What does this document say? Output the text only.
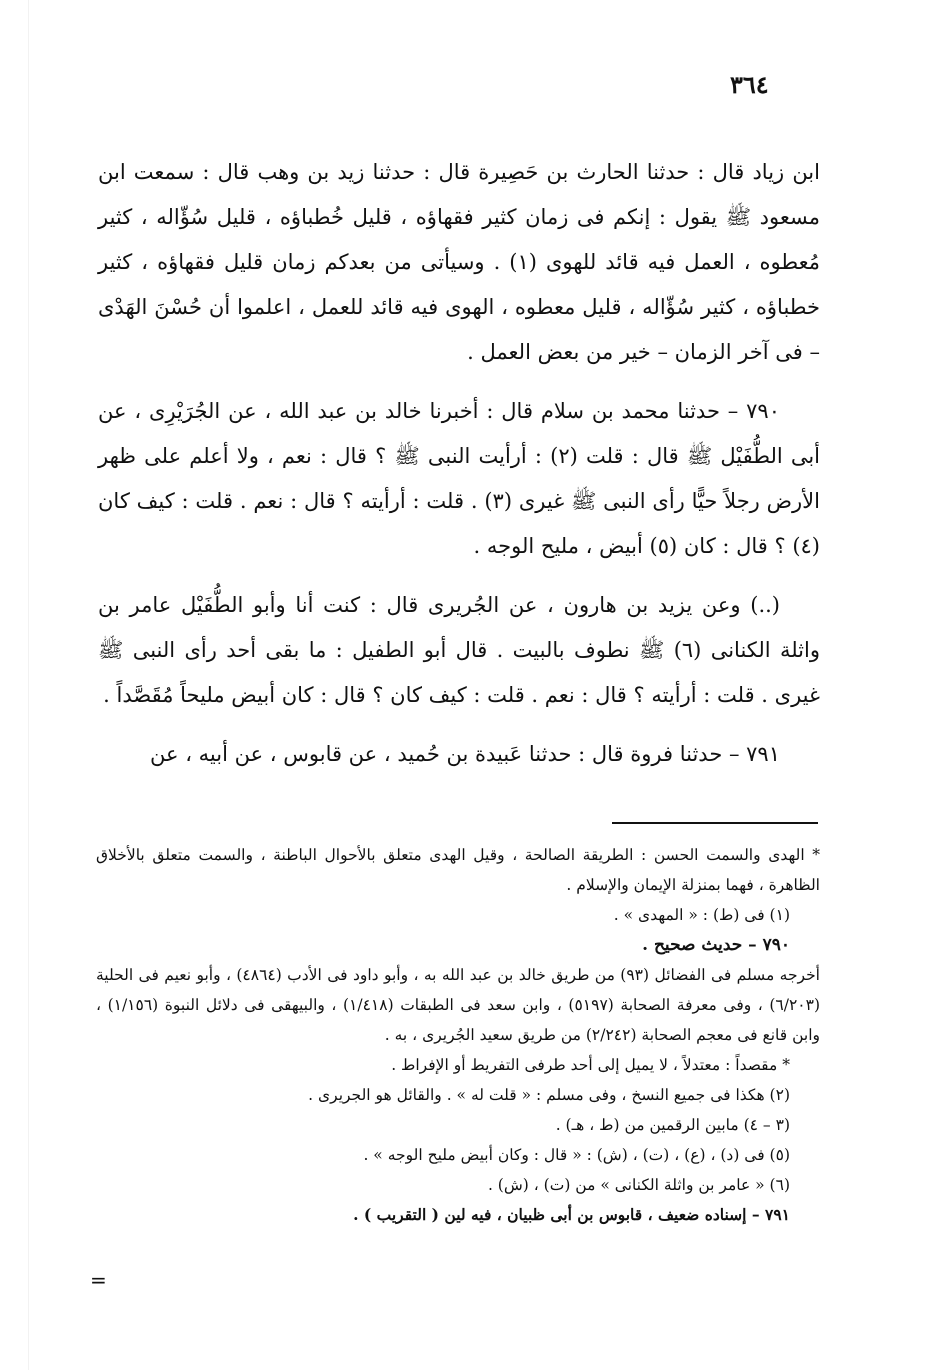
٣٦٤

ابن زياد قال : حدثنا الحارث بن حَصِيرة قال : حدثنا زيد بن وهب قال : سمعت ابن مسعود ﷺ يقول : إنكم فى زمان كثير فقهاؤه ، قليل خُطباؤه ، قليل سُؤّاله ، كثير مُعطوه ، العمل فيه قائد للهوى (١) . وسيأتى من بعدكم زمان قليل فقهاؤه ، كثير خطباؤه ، كثير سُؤّاله ، قليل معطوه ، الهوى فيه قائد للعمل ، اعلموا أن حُسْنَ الهَدْى – فى آخر الزمان – خير من بعض العمل .

٧٩٠ – حدثنا محمد بن سلام قال : أخبرنا خالد بن عبد الله ، عن الجُرَيْرِى ، عن أبى الطُّفَيْل ﷺ قال : قلت (٢) : أرأيت النبى ﷺ ؟ قال : نعم ، ولا أعلم على ظهر الأرض رجلاً حيًّا رأى النبى ﷺ غيرى (٣) . قلت : أرأيته ؟ قال : نعم . قلت : كيف كان (٤) ؟ قال : كان (٥) أبيض ، مليح الوجه .

(..) وعن يزيد بن هارون ، عن الجُريرى قال : كنت أنا وأبو الطُّفَيْل عامر بن واثلة الكنانى (٦) ﷺ نطوف بالبيت . قال أبو الطفيل : ما بقى أحد رأى النبى ﷺ غيرى . قلت : أرأيته ؟ قال : نعم . قلت : كيف كان ؟ قال : كان أبيض مليحاً مُقَصَّداً .

٧٩١ – حدثنا فروة قال : حدثنا عَبيدة بن حُميد ، عن قابوس ، عن أبيه ، عن

* الهدى والسمت الحسن : الطريقة الصالحة ، وقيل الهدى متعلق بالأحوال الباطنة ، والسمت متعلق بالأخلاق الظاهرة ، فهما بمنزلة الإيمان والإسلام .

(١) فى (ط) : « المهدى » .

٧٩٠ – حديث صحيح .

أخرجه مسلم فى الفضائل (٩٣) من طريق خالد بن عبد الله به ، وأبو داود فى الأدب (٤٨٦٤) ، وأبو نعيم فى الحلية (٦/٢٠٣) ، وفى معرفة الصحابة (٥١٩٧) ، وابن سعد فى الطبقات (١/٤١٨) ، والبيهقى فى دلائل النبوة (١/١٥٦) ، وابن قانع فى معجم الصحابة (٢/٢٤٢) من طريق سعيد الجُريرى ، به .

* مقصداً : معتدلاً ، لا يميل إلى أحد طرفى التفريط أو الإفراط .

(٢) هكذا فى جميع النسخ ، وفى مسلم : « قلت له » . والقائل هو الجريرى .

(٣ – ٤) مابين الرقمين من (ط ، هـ) .

(٥) فى (د) ، (ع) ، (ت) ، (ش) : « قال : وكان أبيض مليح الوجه » .

(٦) « عامر بن واثلة الكنانى » من (ت) ، (ش) .

٧٩١ – إسناده ضعيف ، قابوس بن أبى ظبيان ، فيه لين ( التقريب ) .

=
